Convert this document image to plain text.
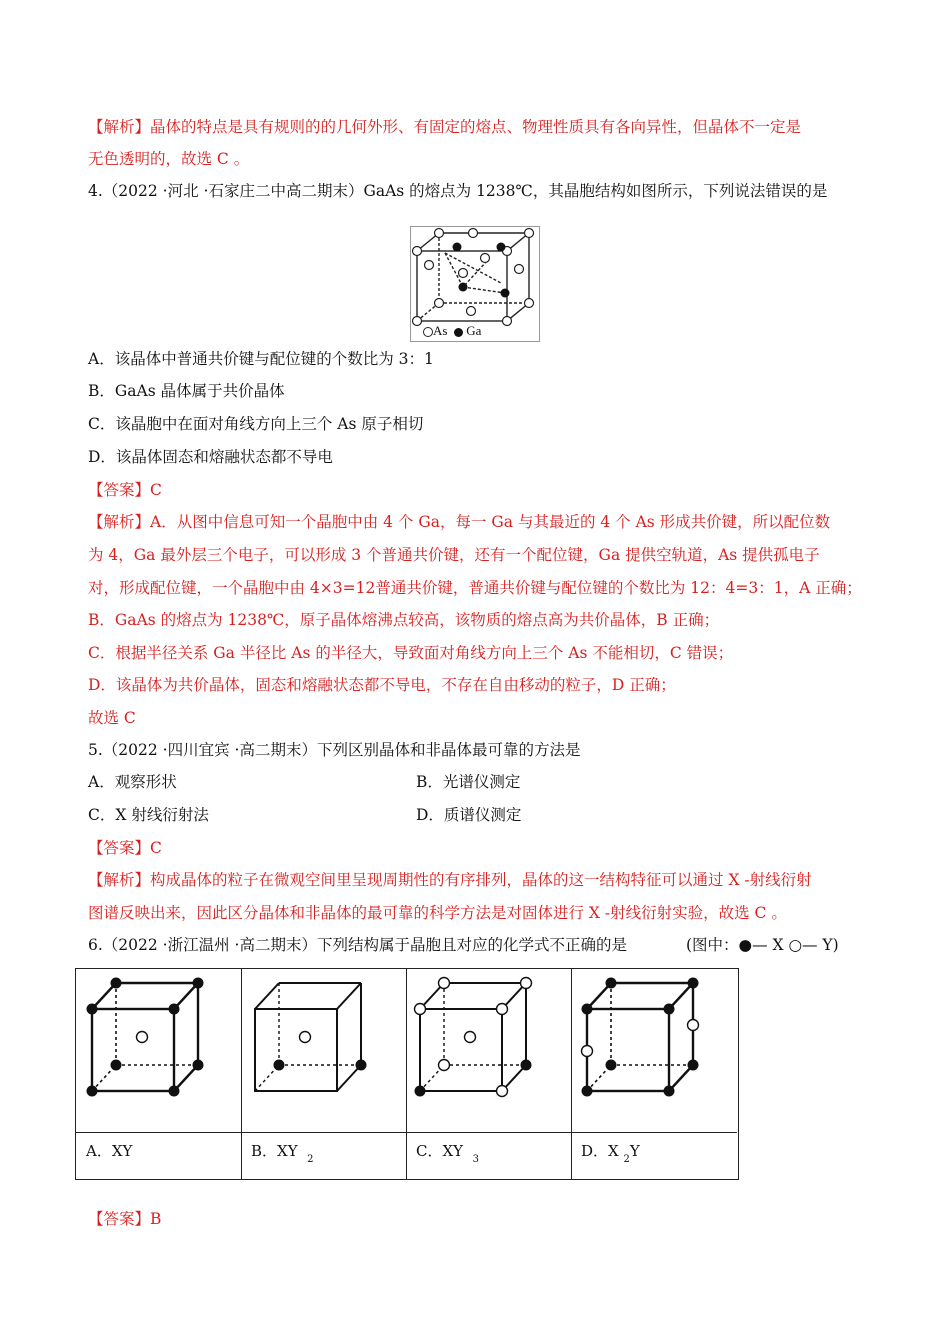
【解析】晶体的特点是具有规则的的几何外形、有固定的熔点、物理性质具有各向异性，但晶体不一定是
无色透明的，故选 C 。
4.（2022 ·河北 ·石家庄二中高二期末）GaAs 的熔点为 1238℃，其晶胞结构如图所示，下列说法错误的是
As Ga
A．该晶体中普通共价键与配位键的个数比为 3：1
B．GaAs 晶体属于共价晶体
C．该晶胞中在面对角线方向上三个 As 原子相切
D．该晶体固态和熔融状态都不导电
【答案】C
【解析】A．从图中信息可知一个晶胞中由 4 个 Ga，每一 Ga 与其最近的 4 个 As 形成共价键，所以配位数
为 4，Ga 最外层三个电子，可以形成 3 个普通共价键，还有一个配位键，Ga 提供空轨道，As 提供孤电子
对，形成配位键，一个晶胞中由 4×3=12普通共价键，普通共价键与配位键的个数比为 12：4=3：1，A 正确；
B．GaAs 的熔点为 1238℃，原子晶体熔沸点较高，该物质的熔点高为共价晶体，B 正确；
C．根据半径关系 Ga 半径比 As 的半径大，导致面对角线方向上三个 As 不能相切，C 错误；
D．该晶体为共价晶体，固态和熔融状态都不导电，不存在自由移动的粒子，D 正确；
故选 C
5.（2022 ·四川宜宾 ·高二期末）下列区别晶体和非晶体最可靠的方法是
A．观察形状	B．光谱仪测定
C．X 射线衍射法	D．质谱仪测定
【答案】C
【解析】构成晶体的粒子在微观空间里呈现周期性的有序排列，晶体的这一结构特征可以通过 X -射线衍射
图谱反映出来，因此区分晶体和非晶体的最可靠的科学方法是对固体进行 X -射线衍射实验，故选 C 。
6.（2022 ·浙江温州 ·高二期末）下列结构属于晶胞且对应的化学式不正确的是	(图中：●— X ○— Y)
A．XY	B．XY $_2$	C．XY $_3$	D．X $_2$Y
【答案】B
